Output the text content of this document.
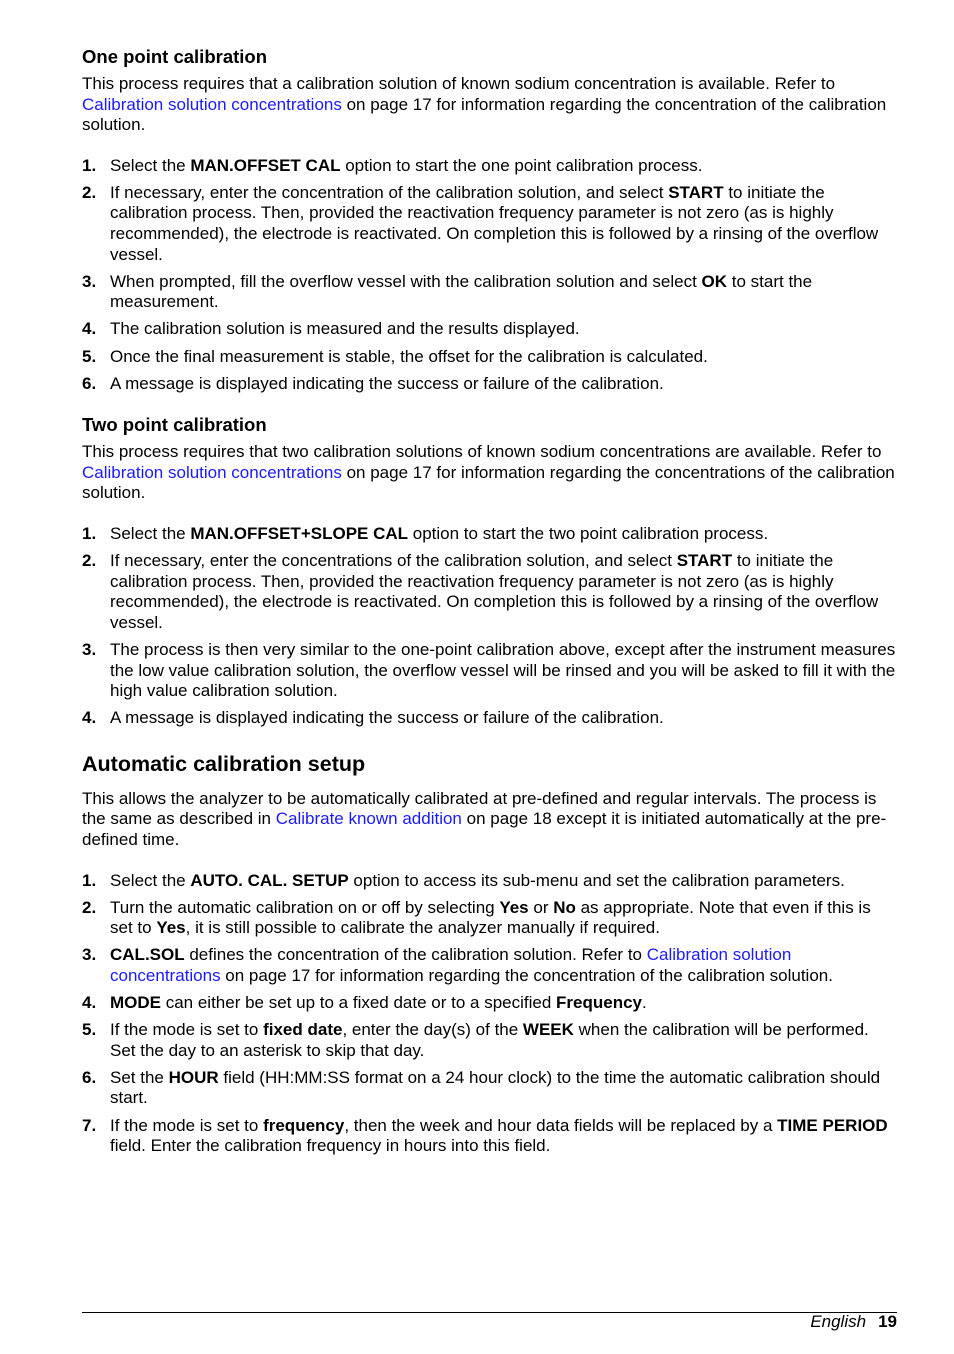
One point calibration

This process requires that a calibration solution of known sodium concentration is available. Refer to Calibration solution concentrations on page 17 for information regarding the concentration of the calibration solution.

1. Select the MAN.OFFSET CAL option to start the one point calibration process.
2. If necessary, enter the concentration of the calibration solution, and select START to initiate the calibration process. Then, provided the reactivation frequency parameter is not zero (as is highly recommended), the electrode is reactivated. On completion this is followed by a rinsing of the overflow vessel.
3. When prompted, fill the overflow vessel with the calibration solution and select OK to start the measurement.
4. The calibration solution is measured and the results displayed.
5. Once the final measurement is stable, the offset for the calibration is calculated.
6. A message is displayed indicating the success or failure of the calibration.
Two point calibration

This process requires that two calibration solutions of known sodium concentrations are available. Refer to Calibration solution concentrations on page 17 for information regarding the concentrations of the calibration solution.

1. Select the MAN.OFFSET+SLOPE CAL option to start the two point calibration process.
2. If necessary, enter the concentrations of the calibration solution, and select START to initiate the calibration process. Then, provided the reactivation frequency parameter is not zero (as is highly recommended), the electrode is reactivated. On completion this is followed by a rinsing of the overflow vessel.
3. The process is then very similar to the one-point calibration above, except after the instrument measures the low value calibration solution, the overflow vessel will be rinsed and you will be asked to fill it with the high value calibration solution.
4. A message is displayed indicating the success or failure of the calibration.
Automatic calibration setup

This allows the analyzer to be automatically calibrated at pre-defined and regular intervals. The process is the same as described in Calibrate known addition on page 18 except it is initiated automatically at the pre-defined time.

1. Select the AUTO. CAL. SETUP option to access its sub-menu and set the calibration parameters.
2. Turn the automatic calibration on or off by selecting Yes or No as appropriate. Note that even if this is set to Yes, it is still possible to calibrate the analyzer manually if required.
3. CAL.SOL defines the concentration of the calibration solution. Refer to Calibration solution concentrations on page 17 for information regarding the concentration of the calibration solution.
4. MODE can either be set up to a fixed date or to a specified Frequency.
5. If the mode is set to fixed date, enter the day(s) of the WEEK when the calibration will be performed. Set the day to an asterisk to skip that day.
6. Set the HOUR field (HH:MM:SS format on a 24 hour clock) to the time the automatic calibration should start.
7. If the mode is set to frequency, then the week and hour data fields will be replaced by a TIME PERIOD field. Enter the calibration frequency in hours into this field.
English 19
